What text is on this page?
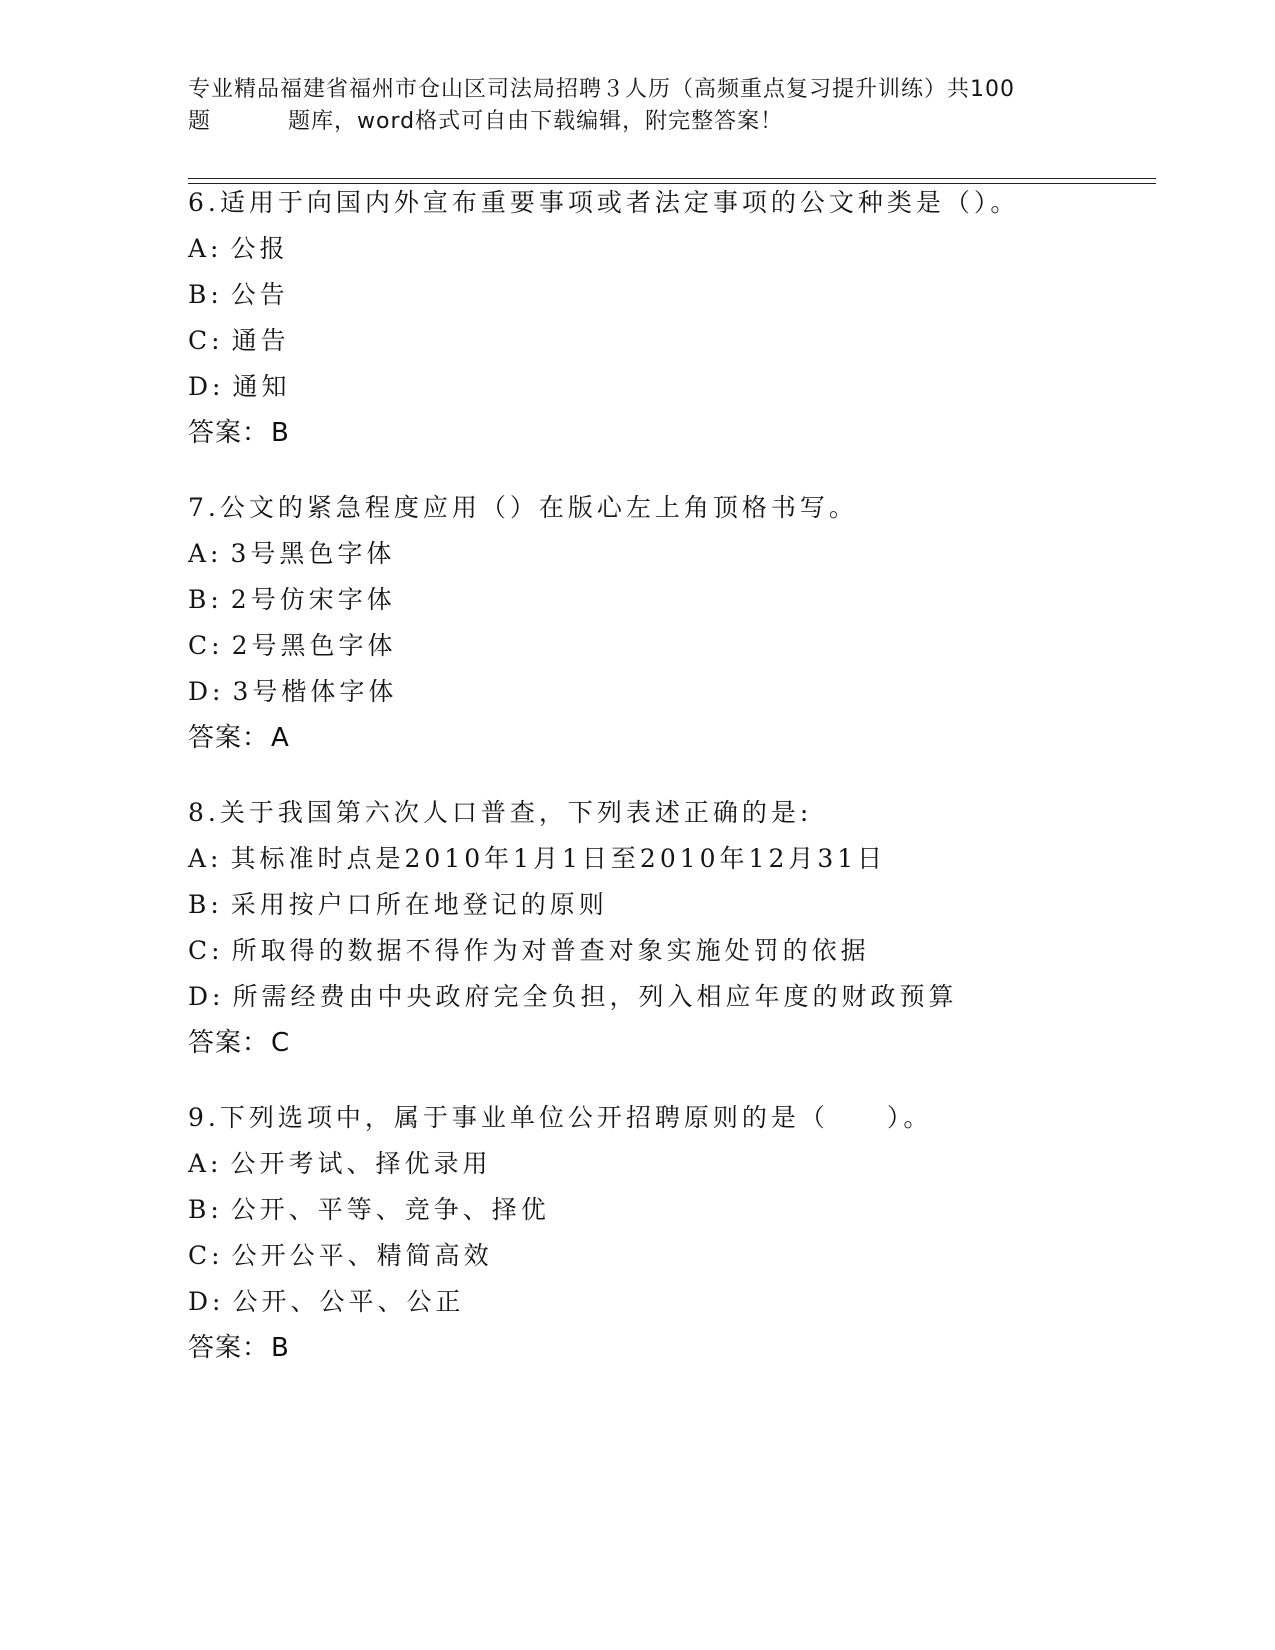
专业精品福建省福州市仓山区司法局招聘３人历（高频重点复习提升训练）共100
题	题库，word格式可自由下载编辑，附完整答案！
6.适用于向国内外宣布重要事项或者法定事项的公文种类是（）。
A: 公报
B: 公告
C: 通告
D: 通知
答案：B
7.公文的紧急程度应用（）在版心左上角顶格书写。
A: 3号黑色字体
B: 2号仿宋字体
C: 2号黑色字体
D: 3号楷体字体
答案：A
8.关于我国第六次人口普查，下列表述正确的是:
A: 其标准时点是2010年1月1日至2010年12月31日
B: 采用按户口所在地登记的原则
C: 所取得的数据不得作为对普查对象实施处罚的依据
D: 所需经费由中央政府完全负担，列入相应年度的财政预算
答案：C
9.下列选项中，属于事业单位公开招聘原则的是（　　）。
A: 公开考试、择优录用
B: 公开、平等、竞争、择优
C: 公开公平、精简高效
D: 公开、公平、公正
答案：B
